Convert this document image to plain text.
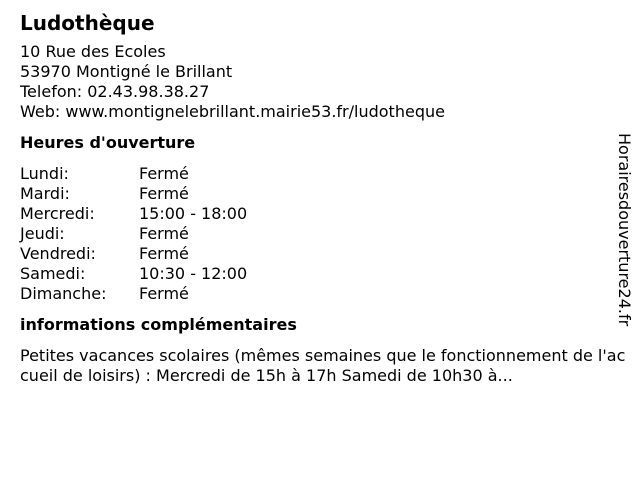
Ludothèque
10 Rue des Ecoles
53970 Montigné le Brillant
Telefon: 02.43.98.38.27
Web: www.montignelebrillant.mairie53.fr/ludotheque
Heures d'ouverture
Lundi:	Fermé
Mardi:	Fermé
Mercredi:	15:00 - 18:00
Jeudi:	Fermé
Vendredi:	Fermé
Samedi:	10:30 - 12:00
Dimanche:	Fermé
informations complémentaires
Petites vacances scolaires (mêmes semaines que le fonctionnement de l'accueil de loisirs) : Mercredi de 15h à 17h Samedi de 10h30 à...
Horairesdouverture24.fr
